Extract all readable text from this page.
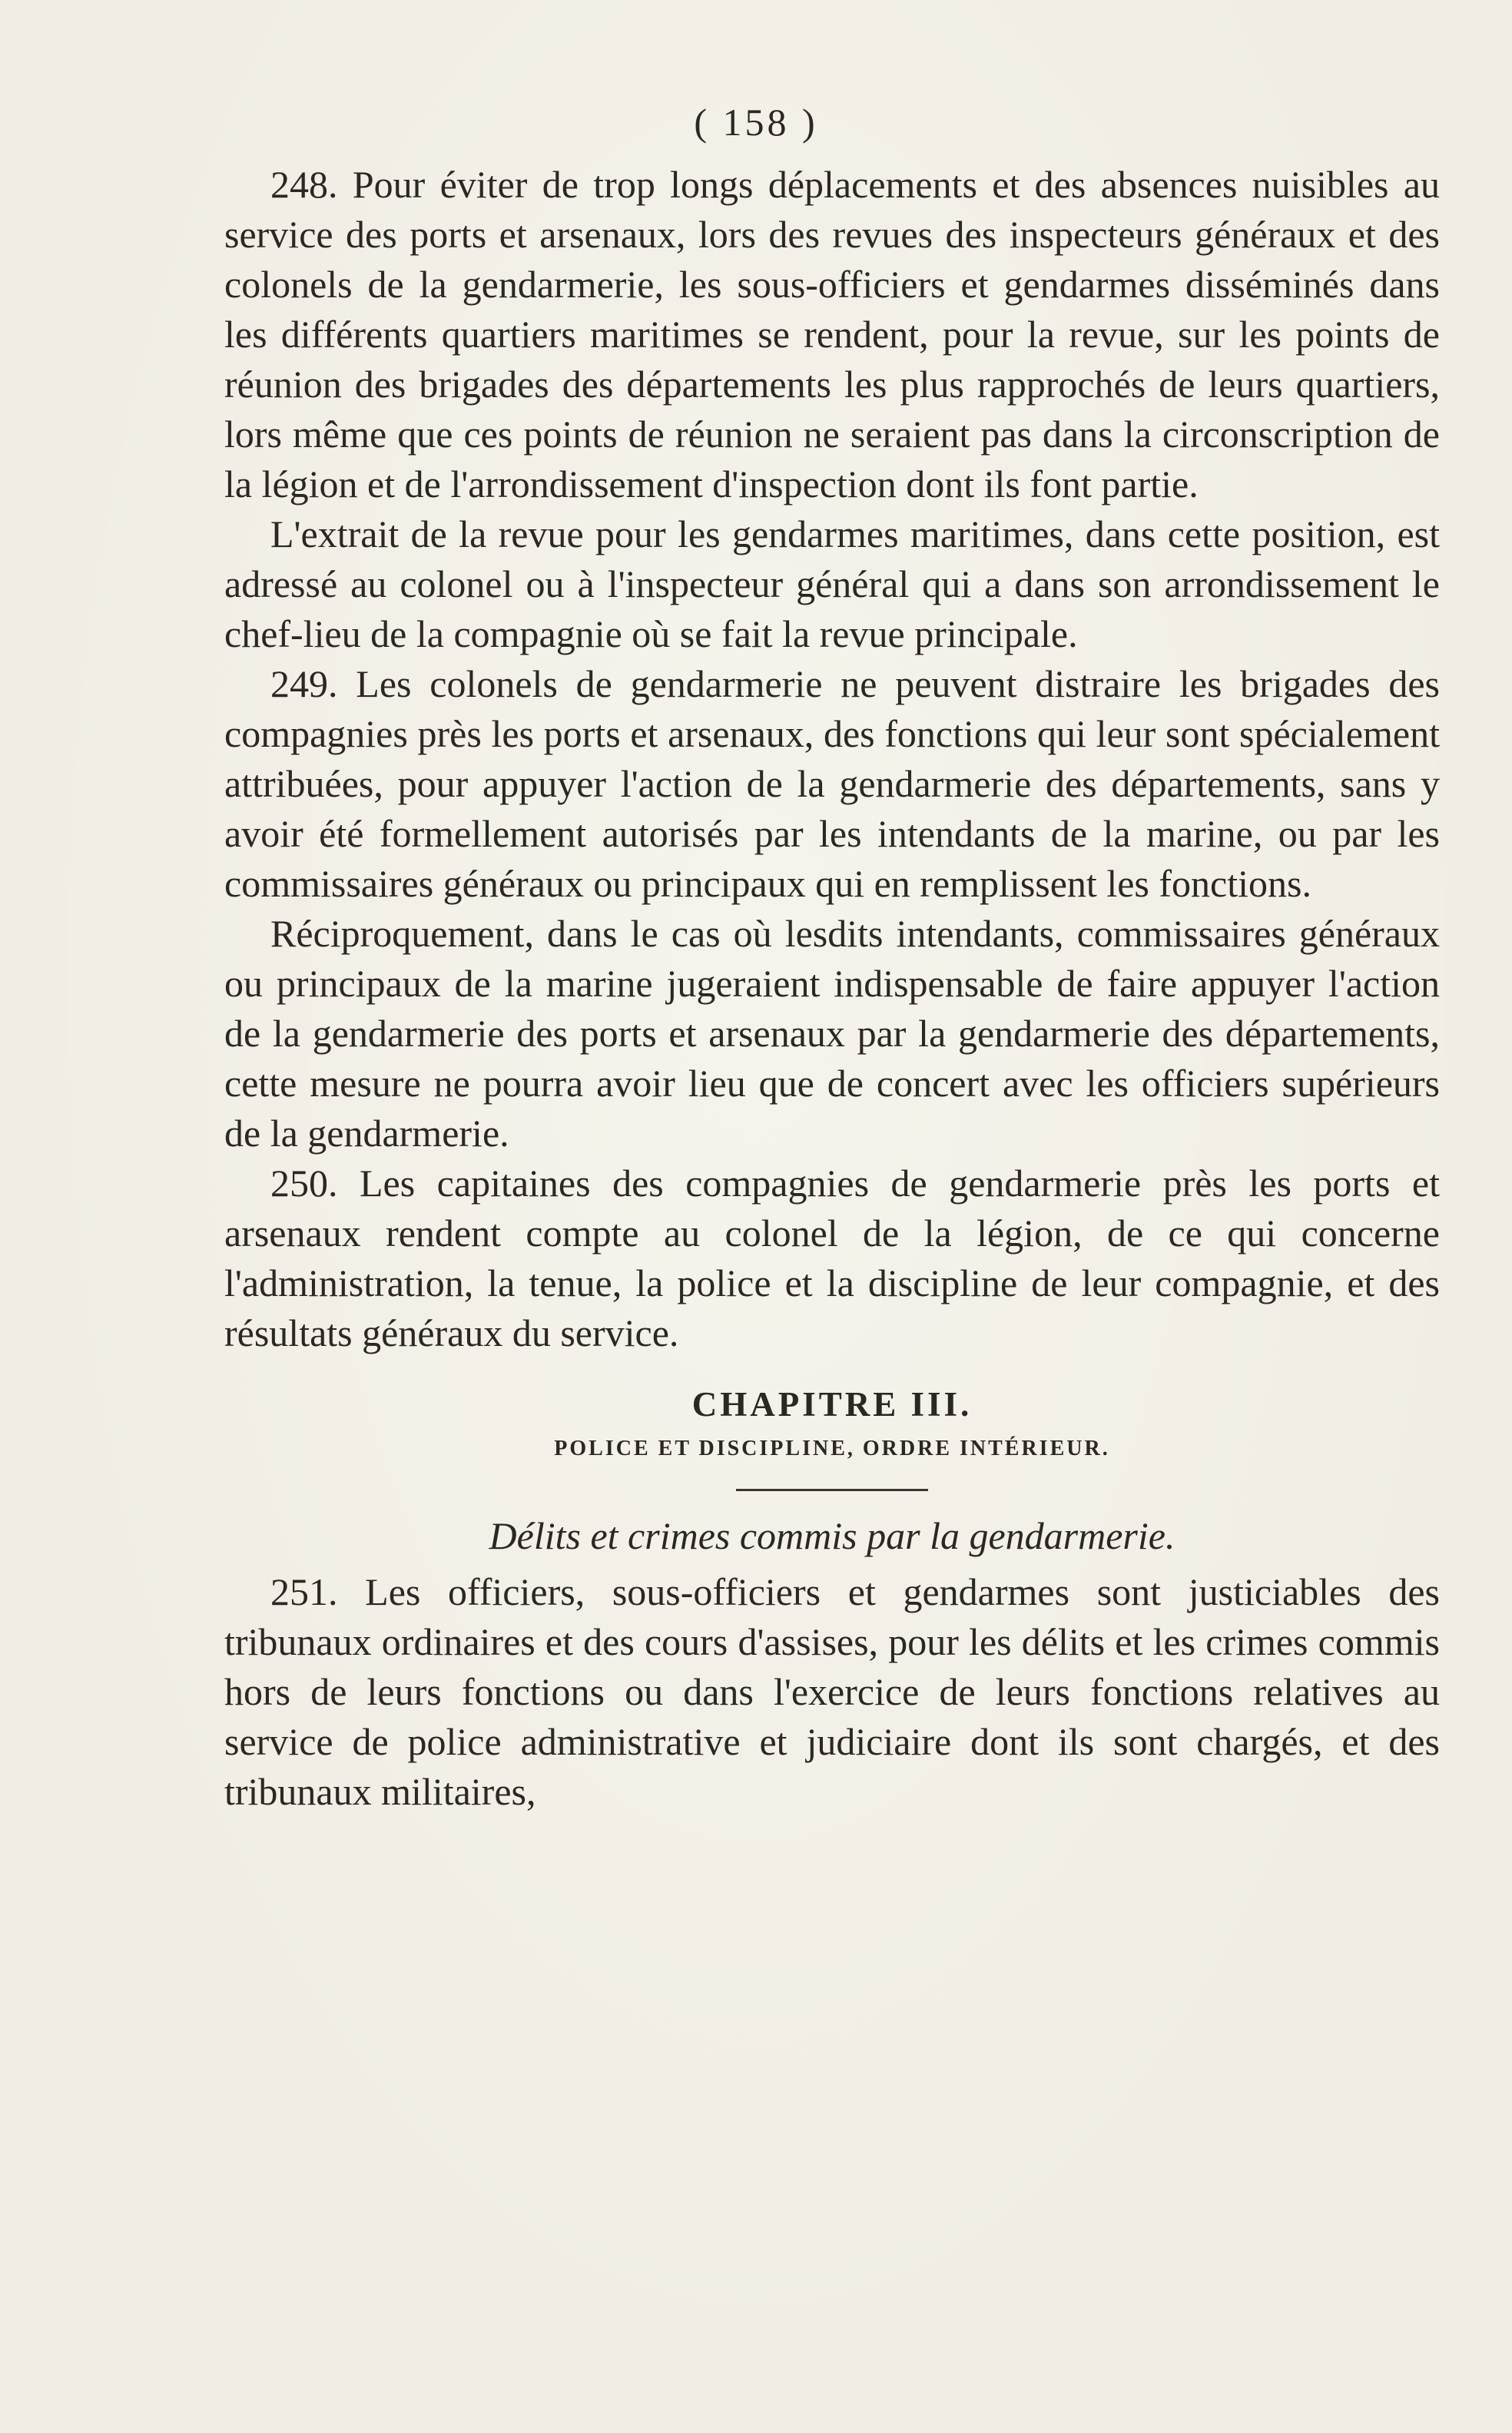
( 158 )

248. Pour éviter de trop longs déplacements et des absences nuisibles au service des ports et arsenaux, lors des revues des inspecteurs généraux et des colonels de la gendarmerie, les sous-officiers et gendarmes disséminés dans les différents quartiers maritimes se rendent, pour la revue, sur les points de réunion des brigades des départements les plus rapprochés de leurs quartiers, lors même que ces points de réunion ne seraient pas dans la circonscription de la légion et de l'arrondissement d'inspection dont ils font partie.

L'extrait de la revue pour les gendarmes maritimes, dans cette position, est adressé au colonel ou à l'inspecteur général qui a dans son arrondissement le chef-lieu de la compagnie où se fait la revue principale.

249. Les colonels de gendarmerie ne peuvent distraire les brigades des compagnies près les ports et arsenaux, des fonctions qui leur sont spécialement attribuées, pour appuyer l'action de la gendarmerie des départements, sans y avoir été formellement autorisés par les intendants de la marine, ou par les commissaires généraux ou principaux qui en remplissent les fonctions.

Réciproquement, dans le cas où lesdits intendants, commissaires généraux ou principaux de la marine jugeraient indispensable de faire appuyer l'action de la gendarmerie des ports et arsenaux par la gendarmerie des départements, cette mesure ne pourra avoir lieu que de concert avec les officiers supérieurs de la gendarmerie.

250. Les capitaines des compagnies de gendarmerie près les ports et arsenaux rendent compte au colonel de la légion, de ce qui concerne l'administration, la tenue, la police et la discipline de leur compagnie, et des résultats généraux du service.

CHAPITRE III.
POLICE ET DISCIPLINE, ORDRE INTÉRIEUR.
Délits et crimes commis par la gendarmerie.

251. Les officiers, sous-officiers et gendarmes sont justiciables des tribunaux ordinaires et des cours d'assises, pour les délits et les crimes commis hors de leurs fonctions ou dans l'exercice de leurs fonctions relatives au service de police administrative et judiciaire dont ils sont chargés, et des tribunaux militaires,
